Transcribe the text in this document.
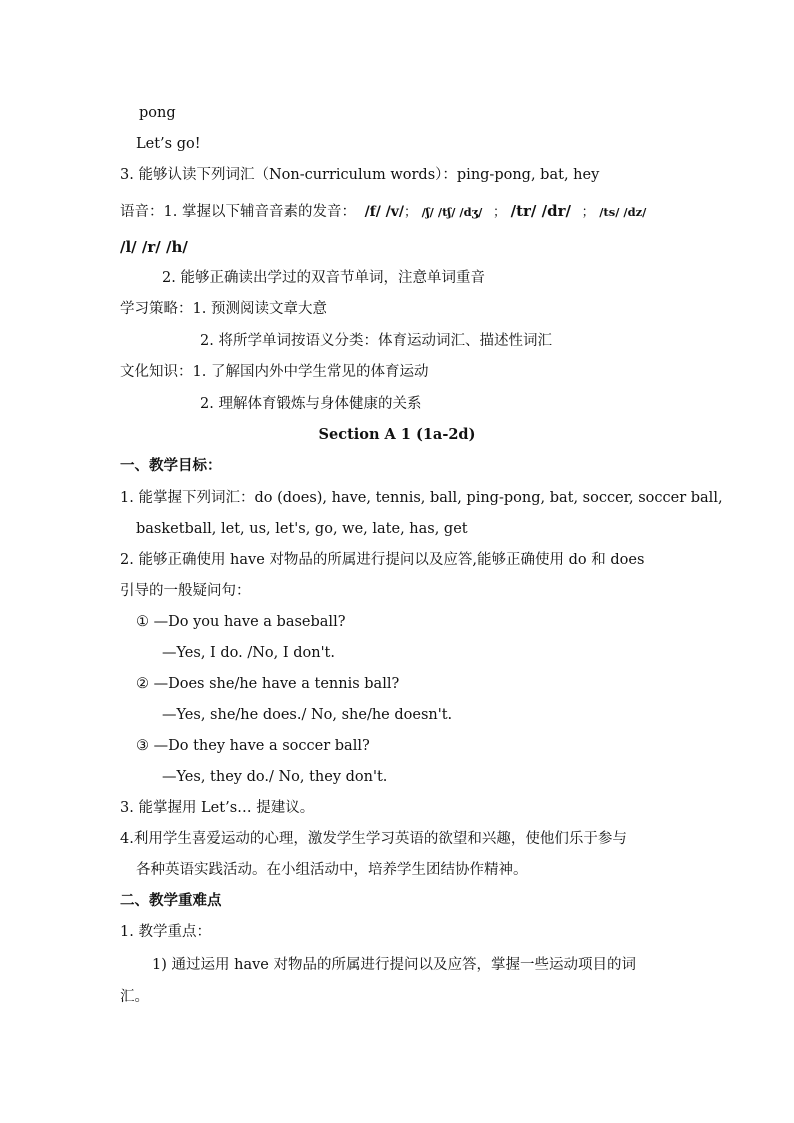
pong
Let’s go!
3. 能够认读下列词汇（Non-curriculum words）：ping-pong, bat, hey
语音：1. 掌握以下辅音音素的发音： /f/ /v/； /ʃ/ /tʃ/ /dʒ/ ； /tr/ /dr/ ； /ts/ /dz/
/l/ /r/ /h/
2. 能够正确读出学过的双音节单词，注意单词重音
学习策略：1. 预测阅读文章大意
2. 将所学单词按语义分类：体育运动词汇、描述性词汇
文化知识：1. 了解国内外中学生常见的体育运动
2. 理解体育锻炼与身体健康的关系
Section A 1 (1a-2d)
一、教学目标：
1. 能掌握下列词汇：do (does), have, tennis, ball, ping-pong, bat, soccer, soccer ball,
basketball, let, us, let's, go, we, late, has, get
2. 能够正确使用 have 对物品的所属进行提问以及应答,能够正确使用 do 和 does
引导的一般疑问句：
① —Do you have a baseball?
—Yes, I do. /No, I don't.
② —Does she/he have a tennis ball?
—Yes, she/he does./ No, she/he doesn't.
③ —Do they have a soccer ball?
—Yes, they do./ No, they don't.
3. 能掌握用 Let’s… 提建议。
4.利用学生喜爱运动的心理，激发学生学习英语的欲望和兴趣，使他们乐于参与
各种英语实践活动。在小组活动中，培养学生团结协作精神。
二、教学重难点
1. 教学重点：
1) 通过运用 have 对物品的所属进行提问以及应答，掌握一些运动项目的词
汇。
